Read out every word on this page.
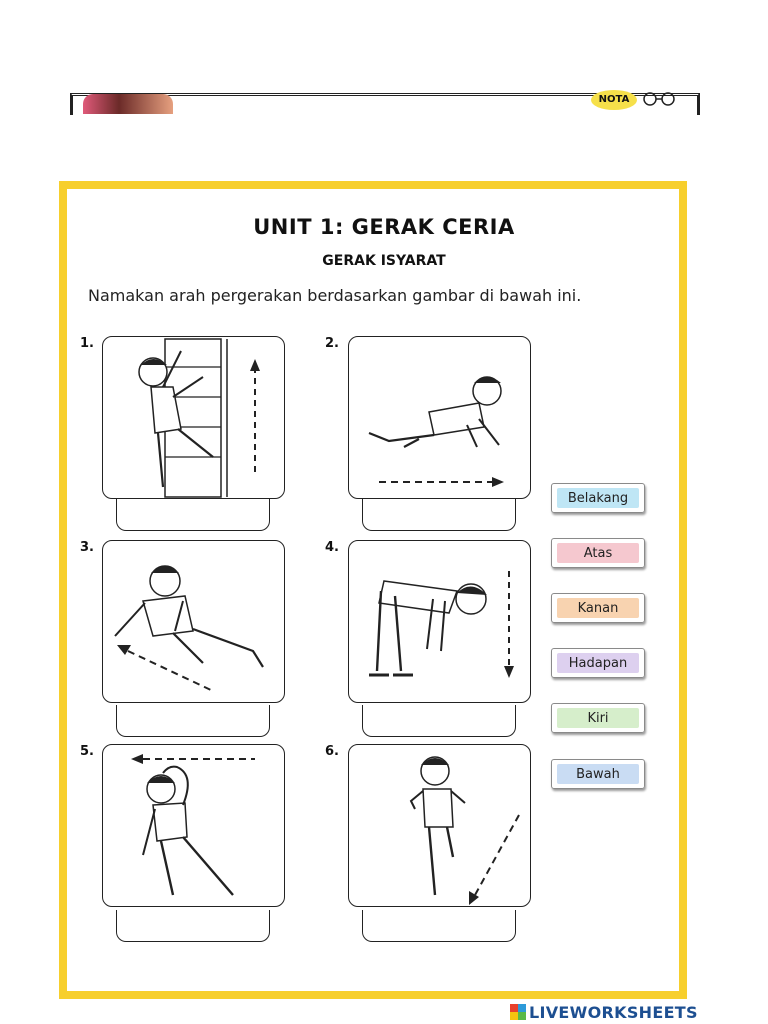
NOTA
UNIT 1: GERAK CERIA
GERAK ISYARAT
Namakan arah pergerakan berdasarkan gambar di bawah ini.
1.	2.
3.	4.
5.	6.
Belakang
Atas
Kanan
Hadapan
Kiri
Bawah
LIVEWORKSHEETS
